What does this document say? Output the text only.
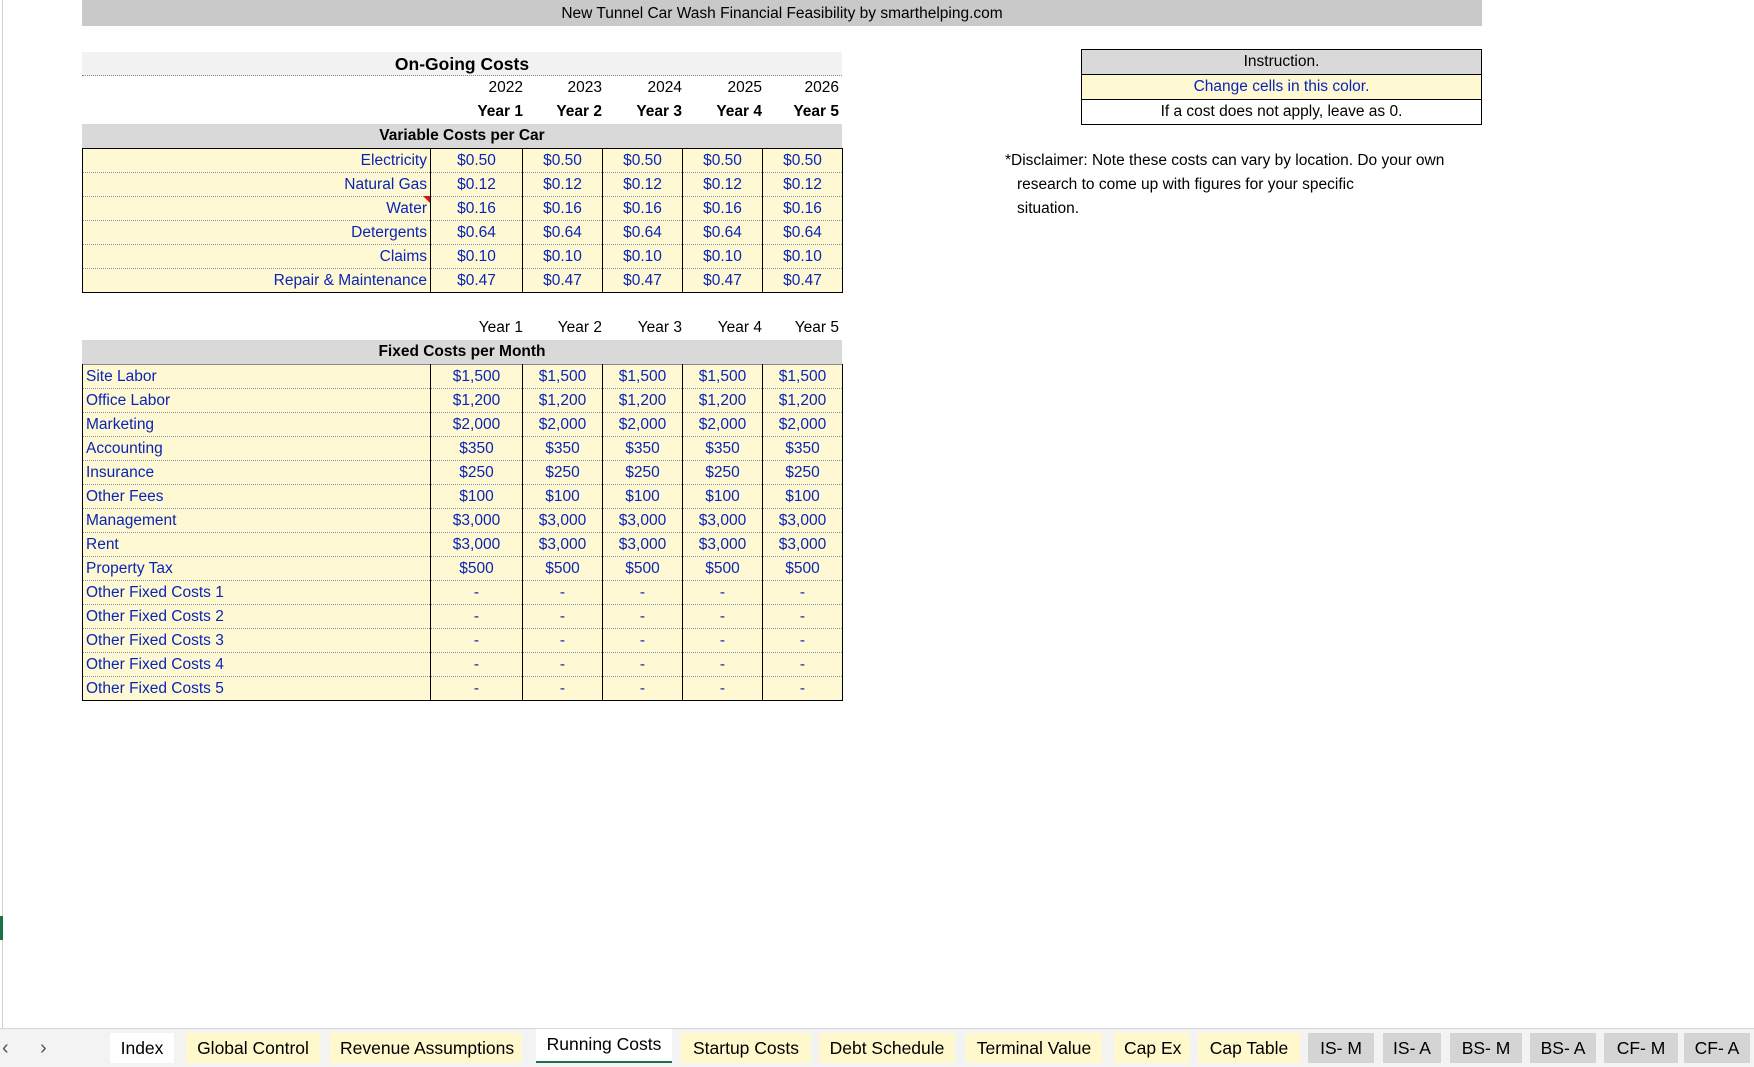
New Tunnel Car Wash Financial Feasibility by smarthelping.com
On-Going Costs
2022	2023	2024	2025	2026
Year 1	Year 2	Year 3	Year 4	Year 5
Variable Costs per Car
Electricity	$0.50	$0.50	$0.50	$0.50	$0.50
Natural Gas	$0.12	$0.12	$0.12	$0.12	$0.12
Water	$0.16	$0.16	$0.16	$0.16	$0.16
Detergents	$0.64	$0.64	$0.64	$0.64	$0.64
Claims	$0.10	$0.10	$0.10	$0.10	$0.10
Repair & Maintenance	$0.47	$0.47	$0.47	$0.47	$0.47
Year 1	Year 2	Year 3	Year 4	Year 5
Fixed Costs per Month
Site Labor	$1,500	$1,500	$1,500	$1,500	$1,500
Office Labor	$1,200	$1,200	$1,200	$1,200	$1,200
Marketing	$2,000	$2,000	$2,000	$2,000	$2,000
Accounting	$350	$350	$350	$350	$350
Insurance	$250	$250	$250	$250	$250
Other Fees	$100	$100	$100	$100	$100
Management	$3,000	$3,000	$3,000	$3,000	$3,000
Rent	$3,000	$3,000	$3,000	$3,000	$3,000
Property Tax	$500	$500	$500	$500	$500
Other Fixed Costs 1	-	-	-	-	-
Other Fixed Costs 2	-	-	-	-	-
Other Fixed Costs 3	-	-	-	-	-
Other Fixed Costs 4	-	-	-	-	-
Other Fixed Costs 5	-	-	-	-	-
Instruction.
Change cells in this color.
If a cost does not apply, leave as 0.
*Disclaimer: Note these costs can vary by location. Do your own
research to come up with figures for your specific
situation.
‹ ›	Index	Global Control	Revenue Assumptions	Running Costs	Startup Costs	Debt Schedule	Terminal Value	Cap Ex	Cap Table	IS- M	IS- A	BS- M	BS- A	CF- M	CF- A
